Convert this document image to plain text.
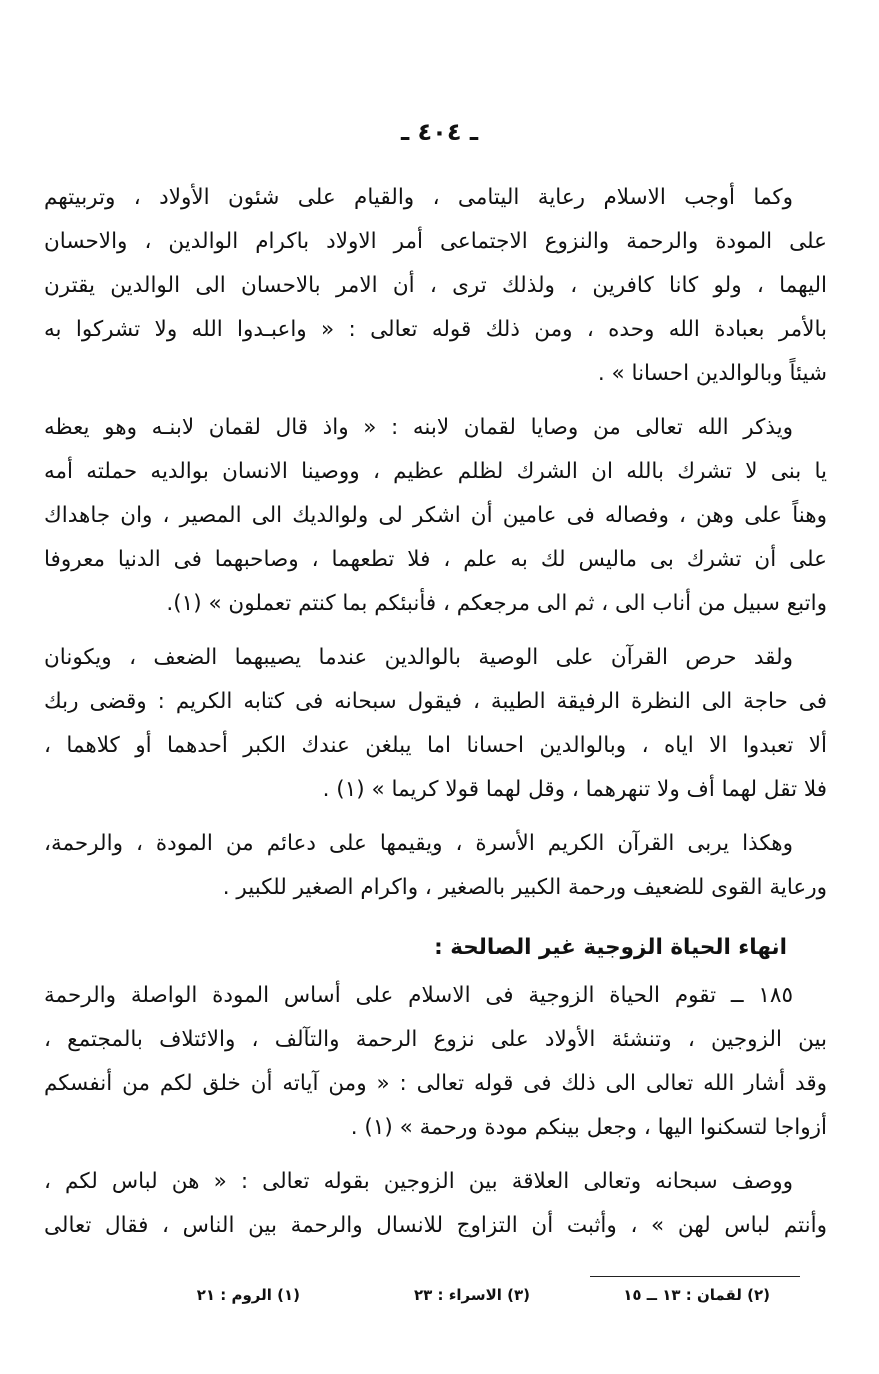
ـ ٤٠٤ ـ
وكما أوجب الاسلام رعاية اليتامى ، والقيام على شئون الأولاد ، وتربيتهم
على المودة والرحمة والنزوع الاجتماعى أمر الاولاد باكرام الوالدين ، والاحسان
اليهما ، ولو كانا كافرين ، ولذلك ترى ، أن الامر بالاحسان الى الوالدين يقترن
بالأمر بعبادة الله وحده ، ومن ذلك قوله تعالى : « واعبـدوا الله ولا تشركوا به
شيئاً وبالوالدين احسانا » .
ويذكر الله تعالى من وصايا لقمان لابنه : « واذ قال لقمان لابنـه وهو يعظه
يا بنى لا تشرك بالله ان الشرك لظلم عظيم ، ووصينا الانسان بوالديه حملته أمه
وهناً على وهن ، وفصاله فى عامين أن اشكر لى ولوالديك الى المصير ، وان جاهداك
على أن تشرك بى ماليس لك به علم ، فلا تطعهما ، وصاحبهما فى الدنيا معروفا
واتبع سبيل من أناب الى ، ثم الى مرجعكم ، فأنبئكم بما كنتم تعملون » (١).
ولقد حرص القرآن على الوصية بالوالدين عندما يصيبهما الضعف ، ويكونان
فى حاجة الى النظرة الرفيقة الطيبة ، فيقول سبحانه فى كتابه الكريم : وقضى ربك
ألا تعبدوا الا اياه ، وبالوالدين احسانا اما يبلغن عندك الكبر أحدهما أو كلاهما ،
فلا تقل لهما أف ولا تنهرهما ، وقل لهما قولا كريما » (١) .
وهكذا يربى القرآن الكريم الأسرة ، ويقيمها على دعائم من المودة ، والرحمة،
ورعاية القوى للضعيف ورحمة الكبير بالصغير ، واكرام الصغير للكبير .
انهاء الحياة الزوجية غير الصالحة :
١٨٥ ــ تقوم الحياة الزوجية فى الاسلام على أساس المودة الواصلة والرحمة
بين الزوجين ، وتنشئة الأولاد على نزوع الرحمة والتآلف ، والائتلاف بالمجتمع ،
وقد أشار الله تعالى الى ذلك فى قوله تعالى : « ومن آياته أن خلق لكم من أنفسكم
أزواجا لتسكنوا اليها ، وجعل بينكم مودة ورحمة » (١) .
ووصف سبحانه وتعالى العلاقة بين الزوجين بقوله تعالى : « هن لباس لكم ،
وأنتم لباس لهن » ، وأثبت أن التزاوج للانسال والرحمة بين الناس ، فقال تعالى
(٢) لقمان : ١٣ ــ ١٥
(٣) الاسراء : ٢٣
(١) الروم : ٢١
